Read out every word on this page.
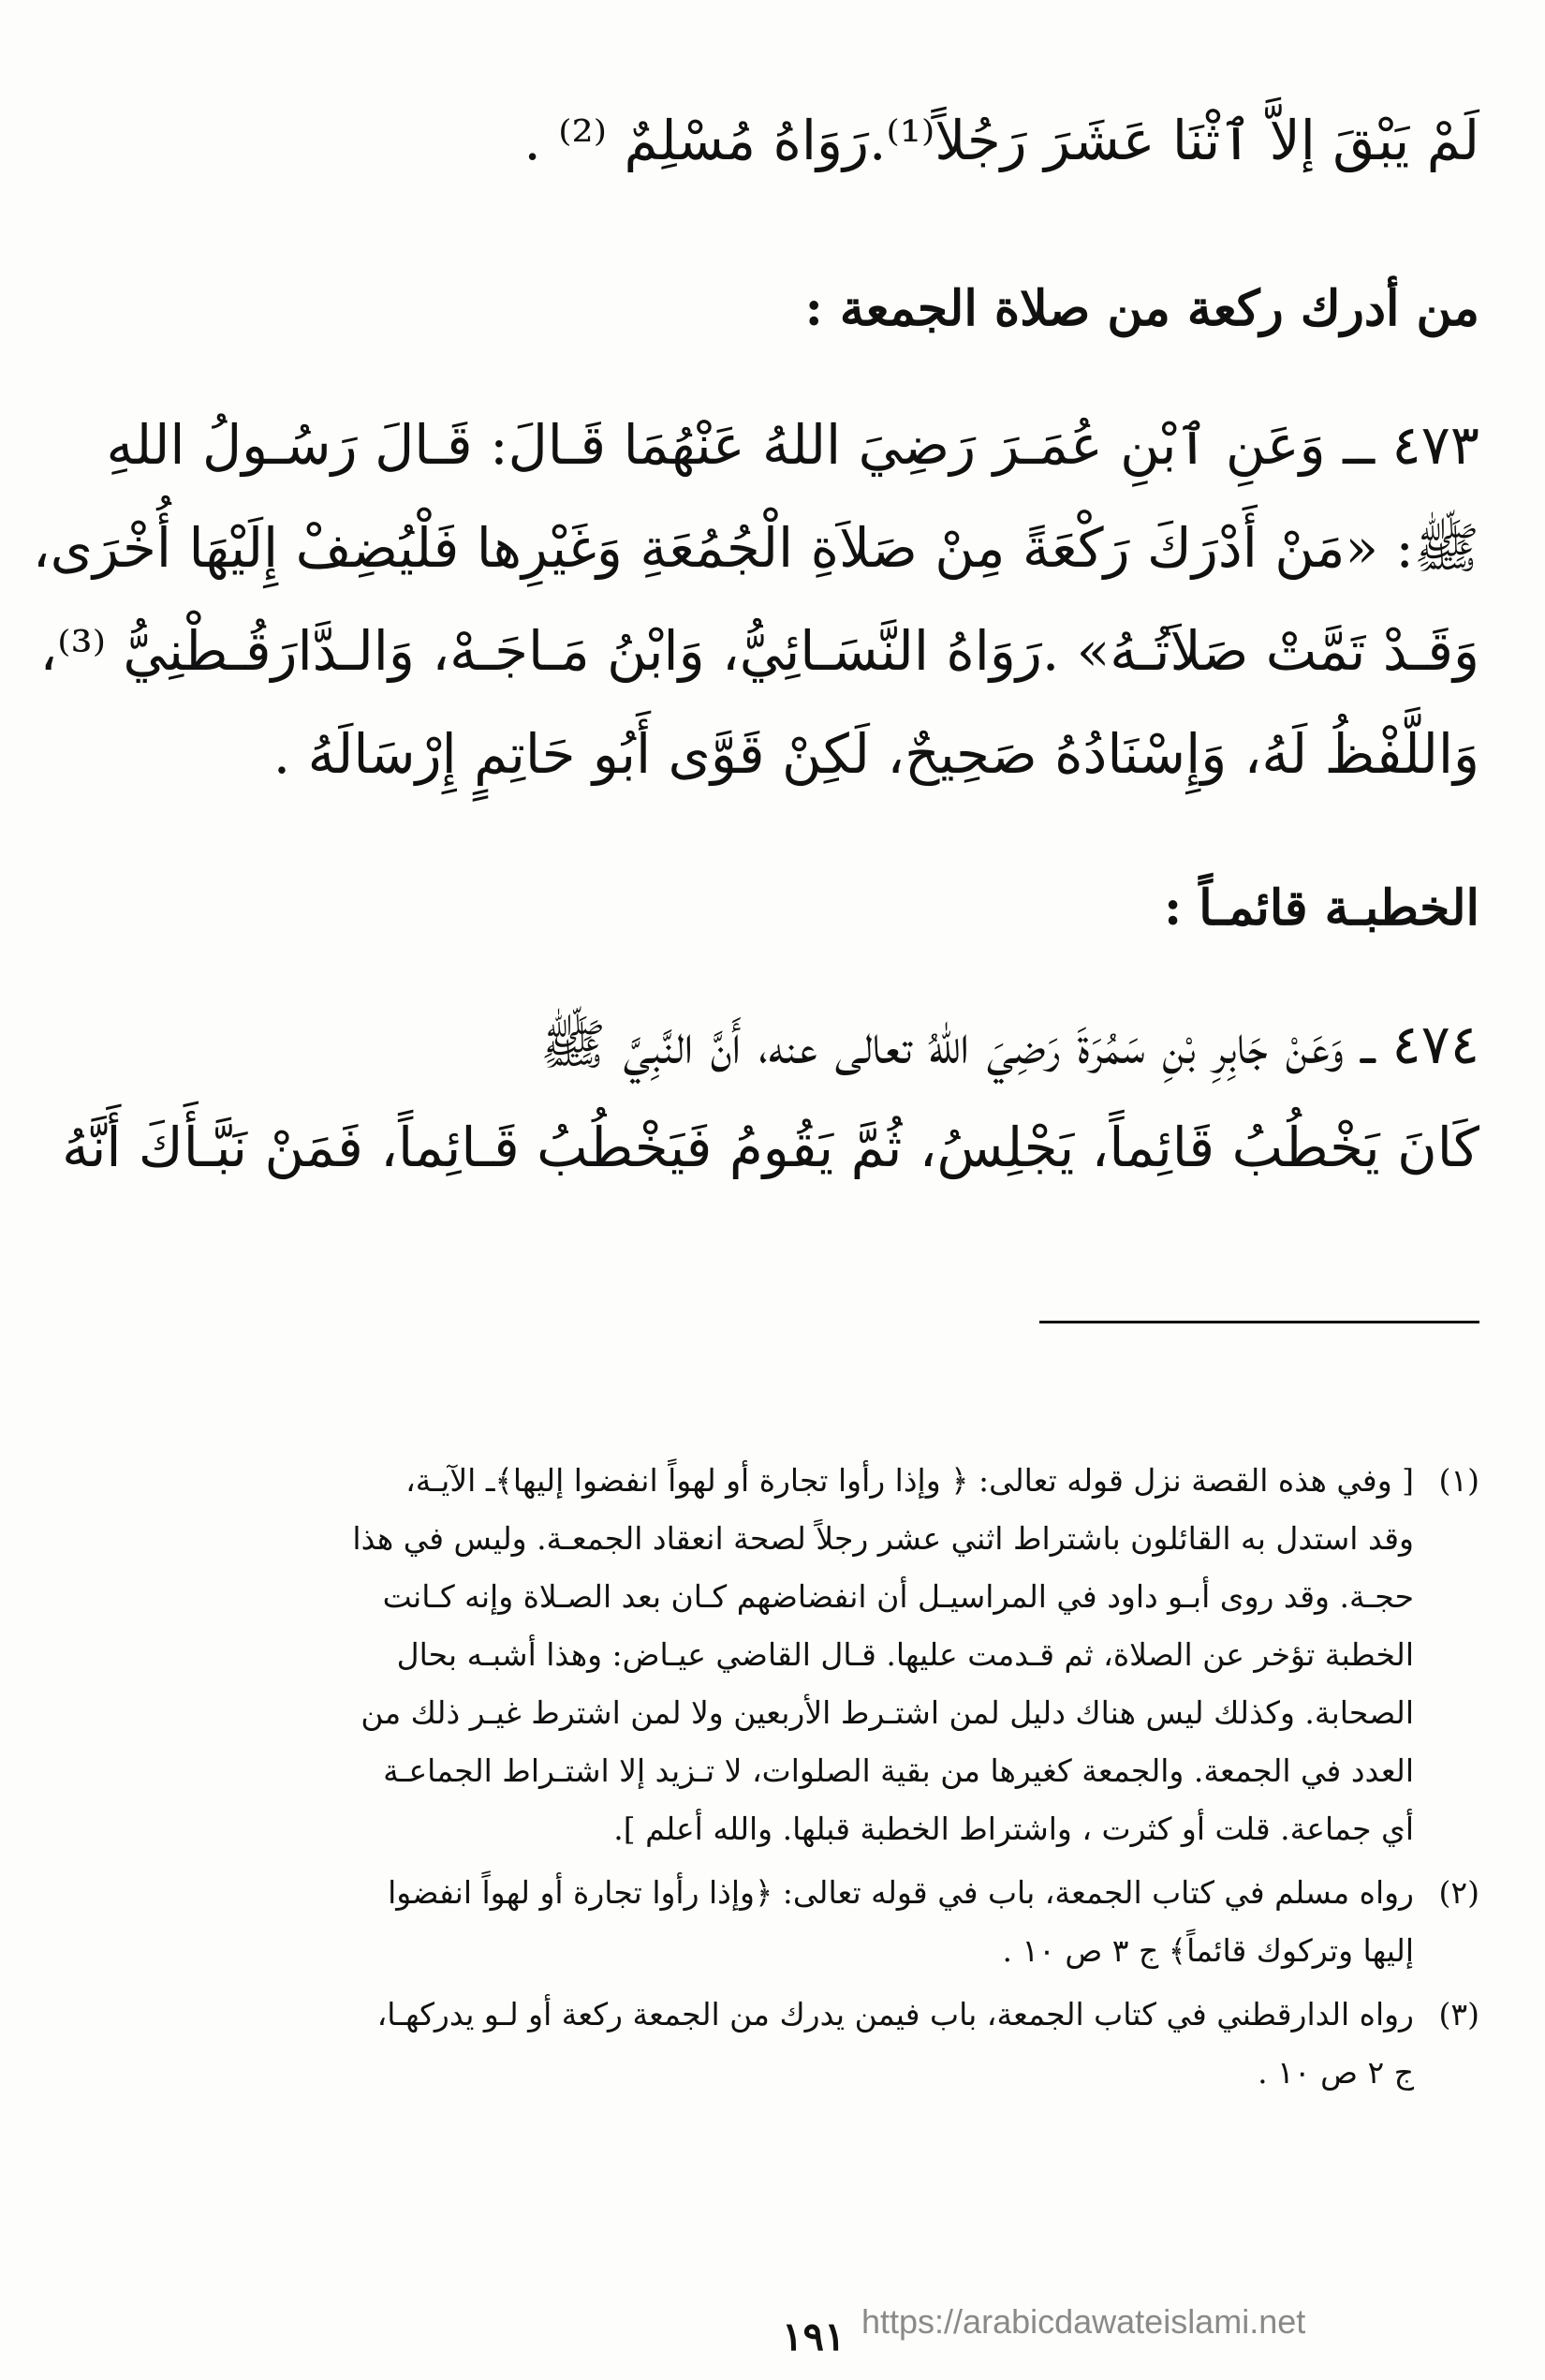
لَمْ يَبْقَ إلاَّ ٱثْنَا عَشَرَ رَجُلاً⁽¹⁾.رَوَاهُ مُسْلِمٌ ⁽²⁾ .
من أدرك ركعة من صلاة الجمعة :
٤٧٣ ــ وَعَنِ ٱبْنِ عُمَـرَ رَضِيَ اللهُ عَنْهُمَا قَـالَ: قَـالَ رَسُـولُ اللهِ
ﷺ: «مَنْ أَدْرَكَ رَكْعَةً مِنْ صَلاَةِ الْجُمُعَةِ وَغَيْرِها فَلْيُضِفْ إِلَيْهَا أُخْرَى،
وَقَـدْ تَمَّتْ صَلاَتُـهُ» .رَوَاهُ النَّسَـائِيُّ، وَابْنُ مَـاجَـهْ، وَالـدَّارَقُـطْنِيُّ ⁽³⁾،
وَاللَّفْظُ لَهُ، وَإِسْنَادُهُ صَحِيحٌ، لَكِنْ قَوَّى أَبُو حَاتِمٍ إِرْسَالَهُ .
الخطبـة قائمـاً :
٤٧٤ ــ وَعَنْ جَابِرِ بْنِ سَمُرَةَ رَضِيَ اللهُ تعالى عنه، أَنَّ النَّبِيَّ ﷺ
كَانَ يَخْطُبُ قَائِماً، يَجْلِسُ، ثُمَّ يَقُومُ فَيَخْطُبُ قَـائِماً، فَمَنْ نَبَّـأَكَ أَنَّهُ
(١)[ وفي هذه القصة نزل قوله تعالى: ﴿ وإذا رأوا تجارة أو لهواً انفضوا إليها﴾ـ الآيـة،
وقد استدل به القائلون باشتراط اثني عشر رجلاً لصحة انعقاد الجمعـة. وليس في هذا
حجـة. وقد روى أبـو داود في المراسيـل أن انفضاضهم كـان بعد الصـلاة وإنه كـانت
الخطبة تؤخر عن الصلاة، ثم قـدمت عليها. قـال القاضي عيـاض: وهذا أشبـه بحال
الصحابة. وكذلك ليس هناك دليل لمن اشتـرط الأربعين ولا لمن اشترط غيـر ذلك من
العدد في الجمعة. والجمعة كغيرها من بقية الصلوات، لا تـزيد إلا اشتـراط الجماعـة
أي جماعة. قلت أو كثرت ، واشتراط الخطبة قبلها. والله أعلم ].
(٢)رواه مسلم في كتاب الجمعة، باب في قوله تعالى: ﴿وإذا رأوا تجارة أو لهواً انفضوا
إليها وتركوك قائماً﴾ ج ٣ ص ١٠ .
(٣)رواه الدارقطني في كتاب الجمعة، باب فيمن يدرك من الجمعة ركعة أو لـو يدركهـا،
ج ٢ ص ١٠ .
١٩١ https://arabicdawateislami.net
